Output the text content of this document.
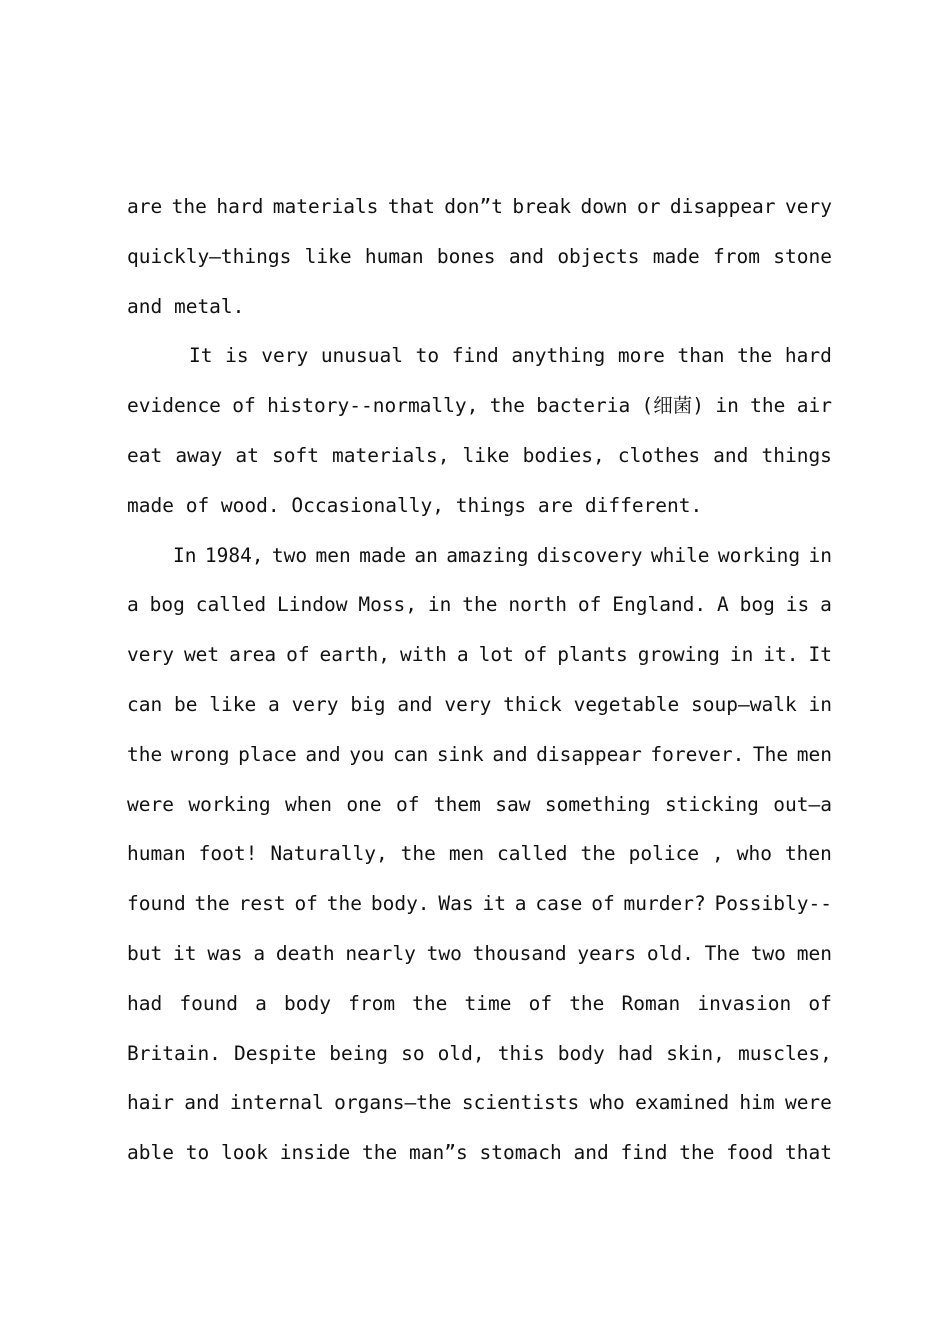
are the hard materials that don”t break down or disappear very
quickly—things like human bones and objects made from stone
and metal.
It is very unusual to find anything more than the hard
evidence of history--normally, the bacteria (细菌) in the air
eat away at soft materials, like bodies, clothes and things
made of wood. Occasionally, things are different.
In 1984, two men made an amazing discovery while working in
a bog called Lindow Moss, in the north of England. A bog is a
very wet area of earth, with a lot of plants growing in it. It
can be like a very big and very thick vegetable soup—walk in
the wrong place and you can sink and disappear forever. The men
were working when one of them saw something sticking out—a
human foot! Naturally, the men called the police , who then
found the rest of the body. Was it a case of murder? Possibly--
but it was a death nearly two thousand years old. The two men
had found a body from the time of the Roman invasion of
Britain. Despite being so old, this body had skin, muscles,
hair and internal organs—the scientists who examined him were
able to look inside the man”s stomach and find the food that
